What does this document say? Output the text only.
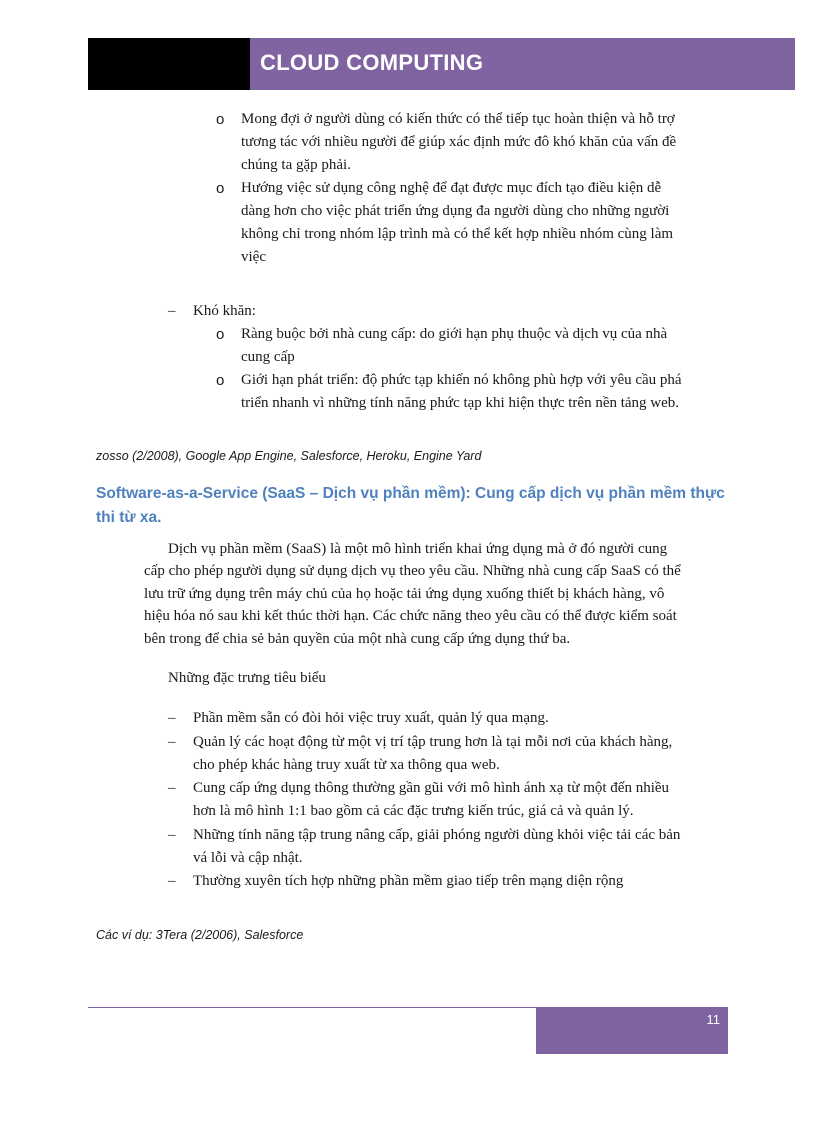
CLOUD COMPUTING
o Mong đợi ở người dùng có kiến thức có thể tiếp tục hoàn thiện và hỗ trợ
tương tác với nhiều người để giúp xác định mức đô khó khăn của vấn đề
chúng ta gặp phải.
o Hướng việc sử dụng công nghệ để đạt được mục đích tạo điều kiện dễ
dàng hơn cho việc phát triển ứng dụng đa người dùng cho những người
không chỉ trong nhóm lập trình mà có thể kết hợp nhiều nhóm cùng làm
việc
– Khó khăn:
o Ràng buộc bởi nhà cung cấp: do giới hạn phụ thuộc và dịch vụ của nhà
cung cấp
o Giới hạn phát triển: độ phức tạp khiến nó không phù hợp với yêu cầu phá
triển nhanh vì những tính năng phức tạp khi hiện thực trên nền tảng web.
zosso (2/2008), Google App Engine, Salesforce, Heroku, Engine Yard
Software-as-a-Service (SaaS – Dịch vụ phần mềm): Cung cấp dịch vụ phần mềm thực
thi từ xa.
Dịch vụ phần mềm (SaaS) là một mô hình triển khai ứng dụng mà ở đó người cung
cấp cho phép người dụng sử dụng dịch vụ theo yêu cầu. Những nhà cung cấp SaaS có thể
lưu trữ ứng dụng trên máy chủ của họ hoặc tải ứng dụng xuống thiết bị khách hàng, vô
hiệu hóa nó sau khi kết thúc thời hạn. Các chức năng theo yêu cầu có thể được kiểm soát
bên trong để chia sẻ bản quyền của một nhà cung cấp ứng dụng thứ ba.
Những đặc trưng tiêu biểu
– Phần mềm sẵn có đòi hỏi việc truy xuất, quản lý qua mạng.
– Quản lý các hoạt động từ một vị trí tập trung hơn là tại mỗi nơi của khách hàng,
cho phép khác hàng truy xuất từ xa thông qua web.
– Cung cấp ứng dụng thông thường gần gũi với mô hình ánh xạ từ một đến nhiều
hơn là mô hình 1:1 bao gồm cả các đặc trưng kiến trúc, giá cả và quản lý.
– Những tính năng tập trung nâng cấp, giải phóng người dùng khỏi việc tải các bản
vá lỗi và cập nhật.
– Thường xuyên tích hợp những phần mềm giao tiếp trên mạng diện rộng
Các ví dụ: 3Tera (2/2006), Salesforce
11
